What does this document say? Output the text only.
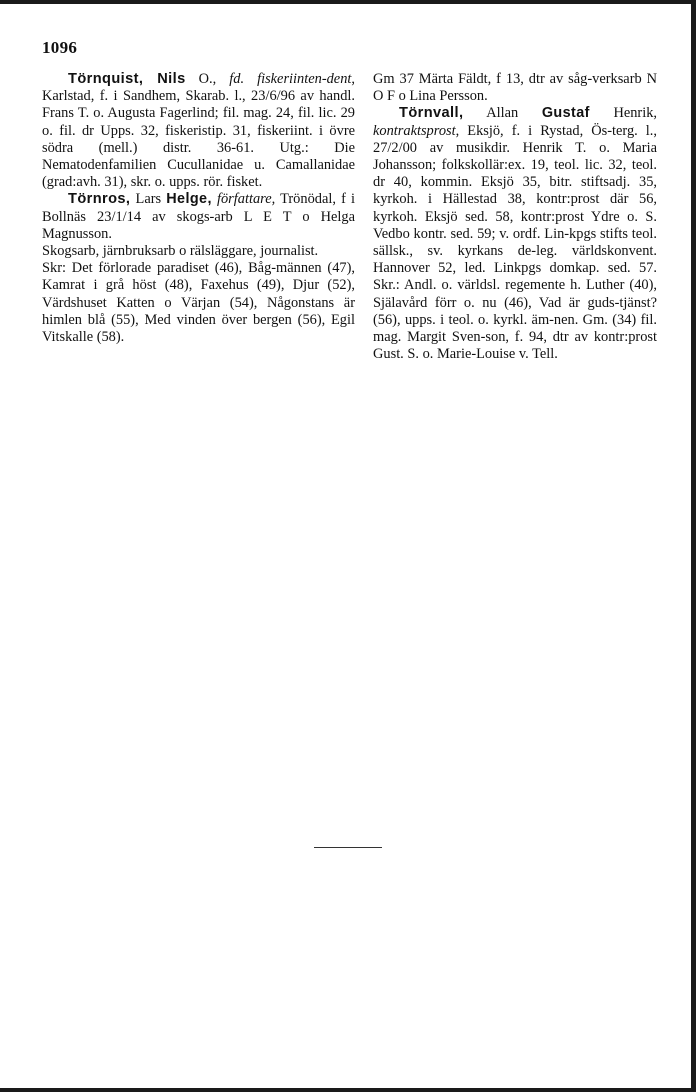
1096

Törnquist, Nils O., fd. fiskeriinten-dent, Karlstad, f. i Sandhem, Skarab. l., 23/6/96 av handl. Frans T. o. Augusta Fagerlind; fil. mag. 24, fil. lic. 29 o. fil. dr Upps. 32, fiskeristip. 31, fiskeriint. i övre södra (mell.) distr. 36-61. Utg.: Die Nematodenfamilien Cucullanidae u. Camallanidae (grad:avh. 31), skr. o. upps. rör. fisket.

Törnros, Lars Helge, författare, Trönödal, f i Bollnäs 23/1/14 av skogs-arb L E T o Helga Magnusson.

Skogsarb, järnbruksarb o rälsläggare, journalist.

Skr: Det förlorade paradiset (46), Båg-männen (47), Kamrat i grå höst (48), Faxehus (49), Djur (52), Värdshuset Katten o Värjan (54), Någonstans är himlen blå (55), Med vinden över bergen (56), Egil Vitskalle (58).

Gm 37 Märta Fäldt, f 13, dtr av såg-verksarb N O F o Lina Persson.

Törnvall, Allan Gustaf Henrik, kontraktsprost, Eksjö, f. i Rystad, Ös-terg. l., 27/2/00 av musikdir. Henrik T. o. Maria Johansson; folkskollär:ex. 19, teol. lic. 32, teol. dr 40, kommin. Eksjö 35, bitr. stiftsadj. 35, kyrkoh. i Hällestad 38, kontr:prost där 56, kyrkoh. Eksjö sed. 58, kontr:prost Ydre o. S. Vedbo kontr. sed. 59; v. ordf. Lin-kpgs stifts teol. sällsk., sv. kyrkans de-leg. världskonvent. Hannover 52, led. Linkpgs domkap. sed. 57. Skr.: Andl. o. världsl. regemente h. Luther (40), Själavård förr o. nu (46), Vad är guds-tjänst? (56), upps. i teol. o. kyrkl. äm-nen. Gm. (34) fil. mag. Margit Sven-son, f. 94, dtr av kontr:prost Gust. S. o. Marie-Louise v. Tell.
